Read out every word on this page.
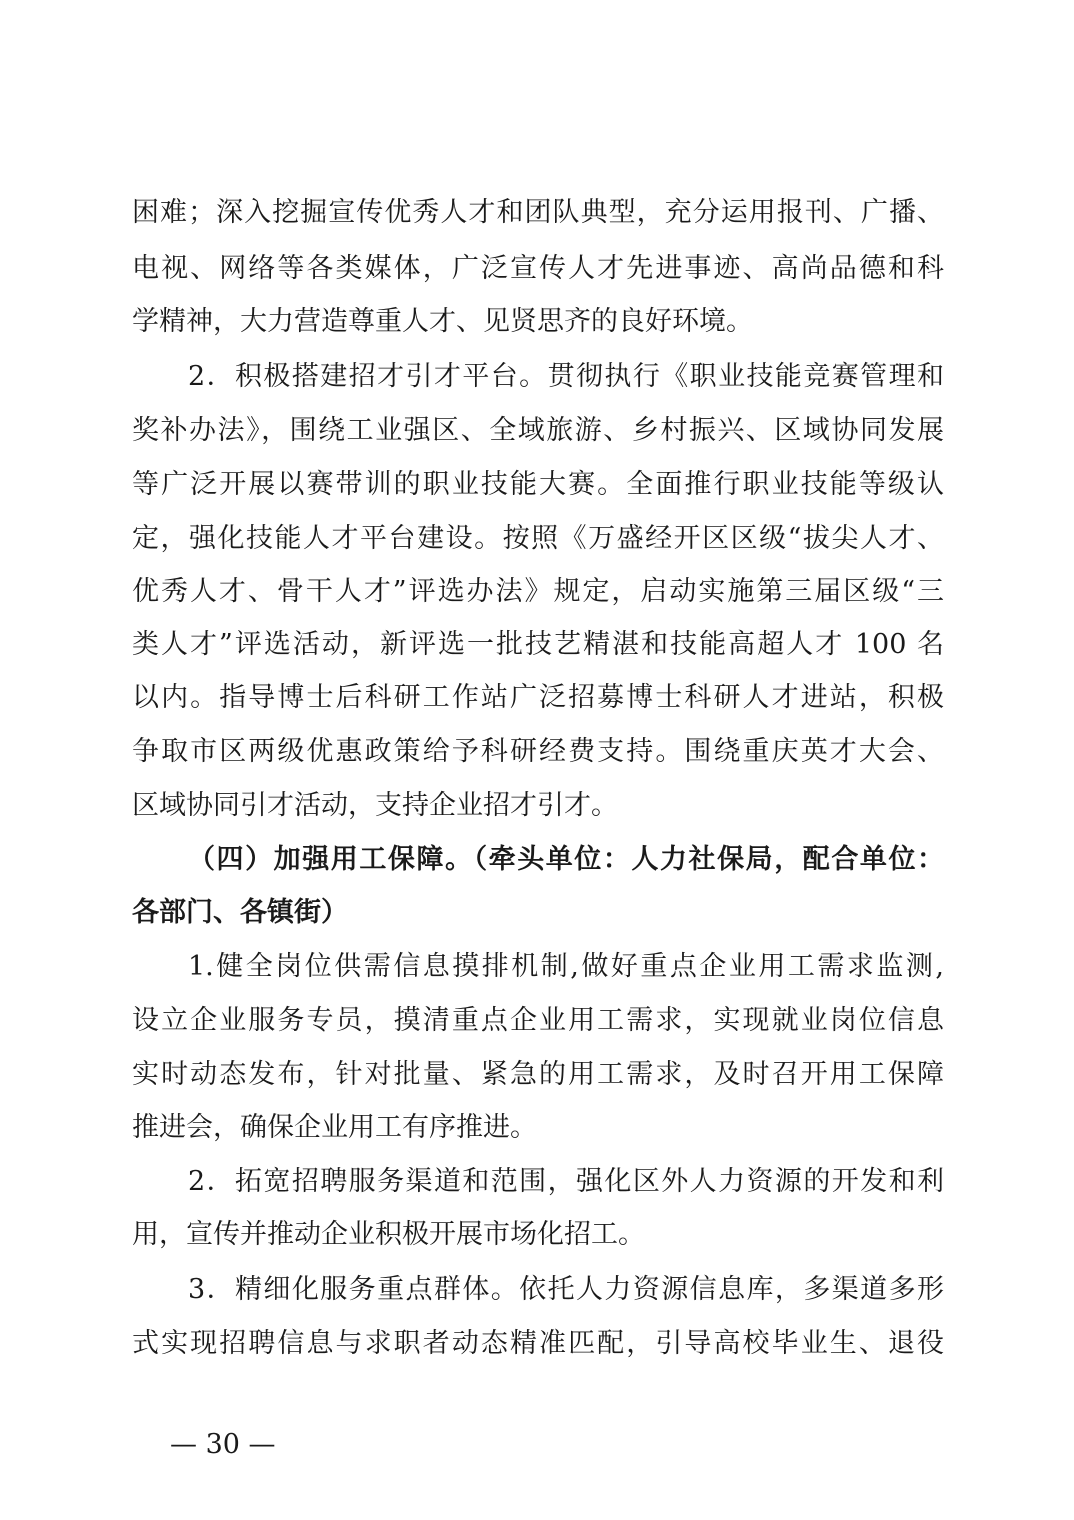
困难；深入挖掘宣传优秀人才和团队典型，充分运用报刊、广播、
电视、网络等各类媒体，广泛宣传人才先进事迹、高尚品德和科
学精神，大力营造尊重人才、见贤思齐的良好环境。
2．积极搭建招才引才平台。贯彻执行《职业技能竞赛管理和
奖补办法》，围绕工业强区、全域旅游、乡村振兴、区域协同发展
等广泛开展以赛带训的职业技能大赛。全面推行职业技能等级认
定，强化技能人才平台建设。按照《万盛经开区区级“拔尖人才、
优秀人才、骨干人才”评选办法》规定，启动实施第三届区级“三
类人才”评选活动，新评选一批技艺精湛和技能高超人才 100 名
以内。指导博士后科研工作站广泛招募博士科研人才进站，积极
争取市区两级优惠政策给予科研经费支持。围绕重庆英才大会、
区域协同引才活动，支持企业招才引才。
（四）加强用工保障。（牵头单位：人力社保局，配合单位：
各部门、各镇街）
1.健全岗位供需信息摸排机制,做好重点企业用工需求监测,
设立企业服务专员，摸清重点企业用工需求，实现就业岗位信息
实时动态发布，针对批量、紧急的用工需求，及时召开用工保障
推进会，确保企业用工有序推进。
2．拓宽招聘服务渠道和范围，强化区外人力资源的开发和利
用，宣传并推动企业积极开展市场化招工。
3．精细化服务重点群体。依托人力资源信息库，多渠道多形
式实现招聘信息与求职者动态精准匹配，引导高校毕业生、退役
— 30 —
